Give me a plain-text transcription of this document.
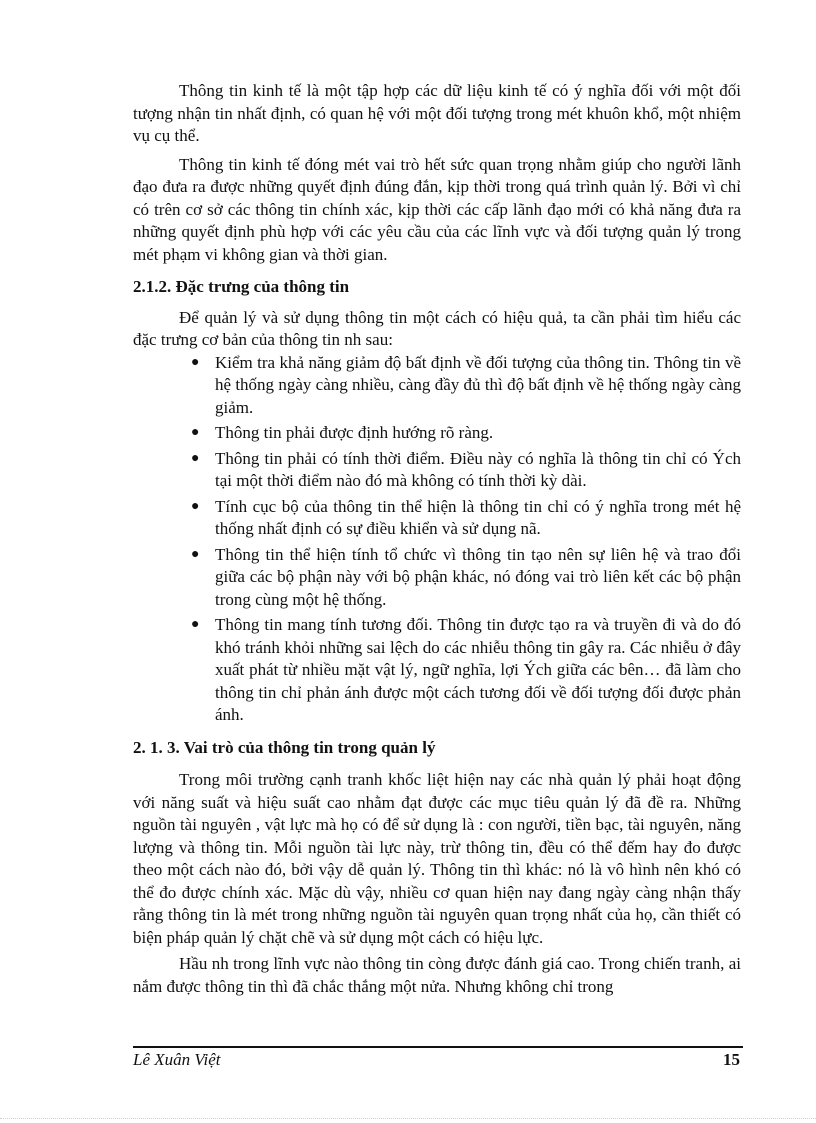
Thông tin kinh tế là một tập hợp các dữ liệu kinh tế có ý nghĩa đối với một đối tượng nhận tin nhất định, có quan hệ với một đối tượng trong mét khuôn khổ, một nhiệm vụ cụ thể.

Thông tin kinh tế đóng mét vai trò hết sức quan trọng nhằm giúp cho người lãnh đạo đưa ra được những quyết định đúng đắn, kịp thời trong quá trình quản lý. Bởi vì chỉ có trên cơ sở các thông tin chính xác, kịp thời các cấp lãnh đạo mới có khả năng đưa ra những quyết định phù hợp với các yêu cầu của các lĩnh vực và đối tượng quản lý trong mét phạm vi không gian và thời gian.

2.1.2. Đặc trưng của thông tin

Để quản lý và sử dụng thông tin một cách có hiệu quả, ta cần phải tìm hiểu các đặc trưng cơ bản của thông tin nh sau:

● Kiểm tra khả năng giảm độ bất định về đối tượng của thông tin. Thông tin về hệ thống ngày càng nhiều, càng đầy đủ thì độ bất định về hệ thống ngày càng giảm.
● Thông tin phải được định hướng rõ ràng.
● Thông tin phải có tính thời điểm. Điều này có nghĩa là thông tin chỉ có Ých tại một thời điểm nào đó mà không có tính thời kỳ dài.
● Tính cục bộ của thông tin thể hiện là thông tin chỉ có ý nghĩa trong mét hệ thống nhất định có sự điều khiển và sử dụng nã.
● Thông tin thể hiện tính tổ chức vì thông tin tạo nên sự liên hệ và trao đổi giữa các bộ phận này với bộ phận khác, nó đóng vai trò liên kết các bộ phận trong cùng một hệ thống.
● Thông tin mang tính tương đối. Thông tin được tạo ra và truyền đi và do đó khó tránh khỏi những sai lệch do các nhiễu thông tin gây ra. Các nhiễu ở đây xuất phát từ nhiều mặt vật lý, ngữ nghĩa, lợi Ých giữa các bên… đã làm cho thông tin chỉ phản ánh được một cách tương đối về đối tượng đối được phản ánh.

2. 1. 3. Vai trò của thông tin trong quản lý

Trong môi trường cạnh tranh khốc liệt hiện nay các nhà quản lý phải hoạt động với năng suất và hiệu suất cao nhằm đạt được các mục tiêu quản lý đã đề ra. Những nguồn tài nguyên , vật lực mà họ có để sử dụng là : con người, tiền bạc, tài nguyên, năng lượng và thông tin. Mỗi nguồn tài lực này, trừ thông tin, đều có thể đếm hay đo được theo một cách nào đó, bởi vậy dễ quản lý. Thông tin thì khác: nó là vô hình nên khó có thể đo được chính xác. Mặc dù vậy, nhiều cơ quan hiện nay đang ngày càng nhận thấy rằng thông tin là mét trong những nguồn tài nguyên quan trọng nhất của họ, cần thiết có biện pháp quản lý chặt chẽ và sử dụng một cách có hiệu lực.

Hầu nh trong lĩnh vực nào thông tin còng được đánh giá cao. Trong chiến tranh, ai nắm được thông tin thì đã chắc thắng một nửa. Nhưng không chỉ trong

Lê Xuân Việt	15
